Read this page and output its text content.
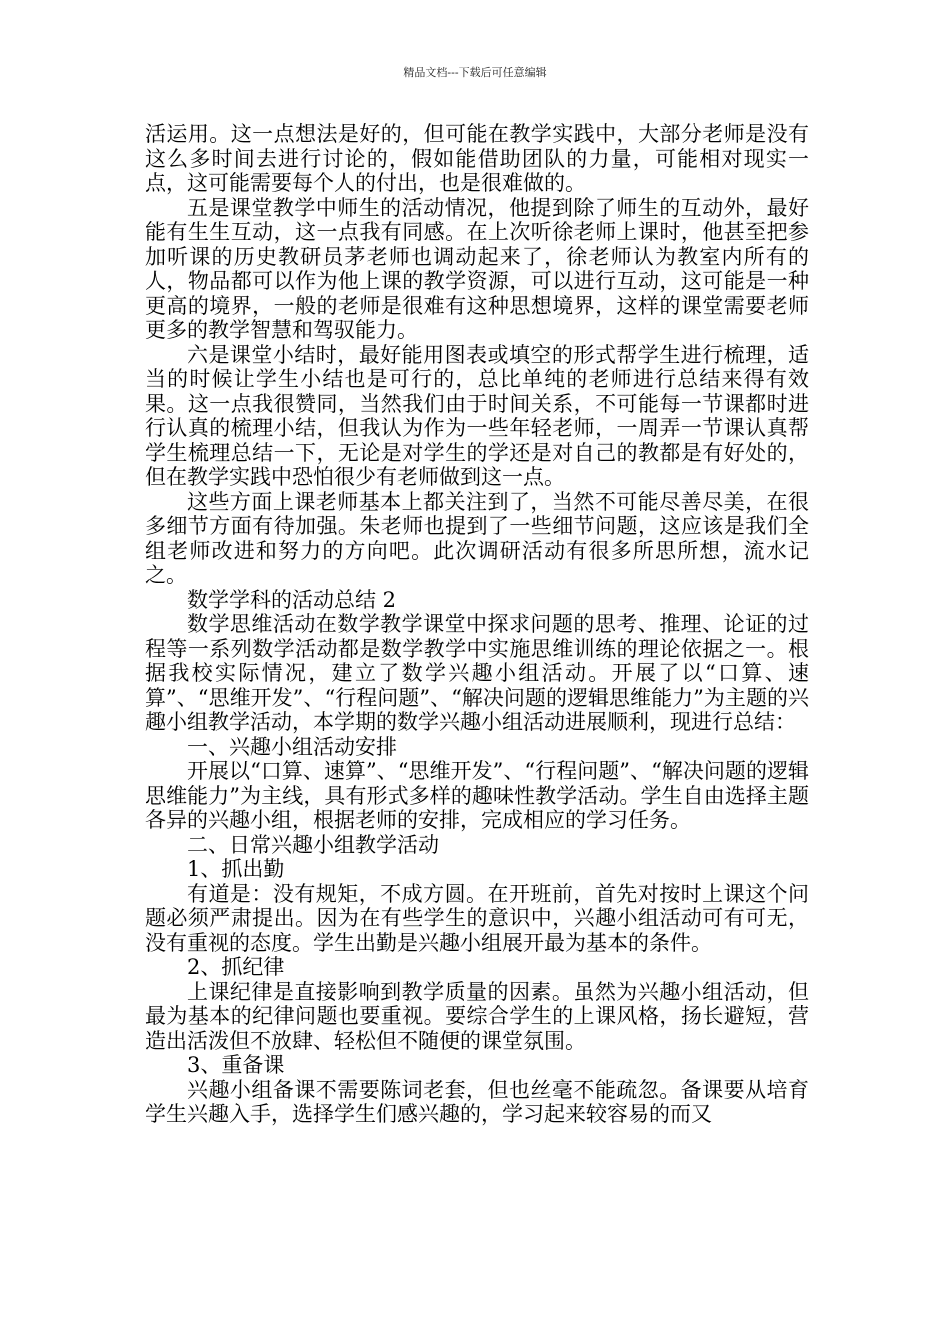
精品文档---下载后可任意编辑

活运用。这一点想法是好的，但可能在教学实践中，大部分老师是没有这么多时间去进行讨论的，假如能借助团队的力量，可能相对现实一点，这可能需要每个人的付出，也是很难做的。

五是课堂教学中师生的活动情况，他提到除了师生的互动外，最好能有生生互动，这一点我有同感。在上次听徐老师上课时，他甚至把参加听课的历史教研员茅老师也调动起来了，徐老师认为教室内所有的人，物品都可以作为他上课的教学资源，可以进行互动，这可能是一种更高的境界，一般的老师是很难有这种思想境界，这样的课堂需要老师更多的教学智慧和驾驭能力。

六是课堂小结时，最好能用图表或填空的形式帮学生进行梳理，适当的时候让学生小结也是可行的，总比单纯的老师进行总结来得有效果。这一点我很赞同，当然我们由于时间关系，不可能每一节课都时进行认真的梳理小结，但我认为作为一些年轻老师，一周弄一节课认真帮学生梳理总结一下，无论是对学生的学还是对自己的教都是有好处的，但在教学实践中恐怕很少有老师做到这一点。

这些方面上课老师基本上都关注到了，当然不可能尽善尽美，在很多细节方面有待加强。朱老师也提到了一些细节问题，这应该是我们全组老师改进和努力的方向吧。此次调研活动有很多所思所想，流水记之。

数学学科的活动总结 2

数学思维活动在数学教学课堂中探求问题的思考、推理、论证的过程等一系列数学活动都是数学教学中实施思维训练的理论依据之一。根据我校实际情况，建立了数学兴趣小组活动。开展了以“口算、速算”、“思维开发”、“行程问题”、“解决问题的逻辑思维能力”为主题的兴趣小组教学活动，本学期的数学兴趣小组活动进展顺利，现进行总结：

一、兴趣小组活动安排

开展以“口算、速算”、“思维开发”、“行程问题”、“解决问题的逻辑思维能力”为主线，具有形式多样的趣味性教学活动。学生自由选择主题各异的兴趣小组，根据老师的安排，完成相应的学习任务。

二、日常兴趣小组教学活动

1、抓出勤

有道是：没有规矩，不成方圆。在开班前，首先对按时上课这个问题必须严肃提出。因为在有些学生的意识中，兴趣小组活动可有可无，没有重视的态度。学生出勤是兴趣小组展开最为基本的条件。

2、抓纪律

上课纪律是直接影响到教学质量的因素。虽然为兴趣小组活动，但最为基本的纪律问题也要重视。要综合学生的上课风格，扬长避短，营造出活泼但不放肆、轻松但不随便的课堂氛围。

3、重备课

兴趣小组备课不需要陈词老套，但也丝毫不能疏忽。备课要从培育学生兴趣入手，选择学生们感兴趣的，学习起来较容易的而又
